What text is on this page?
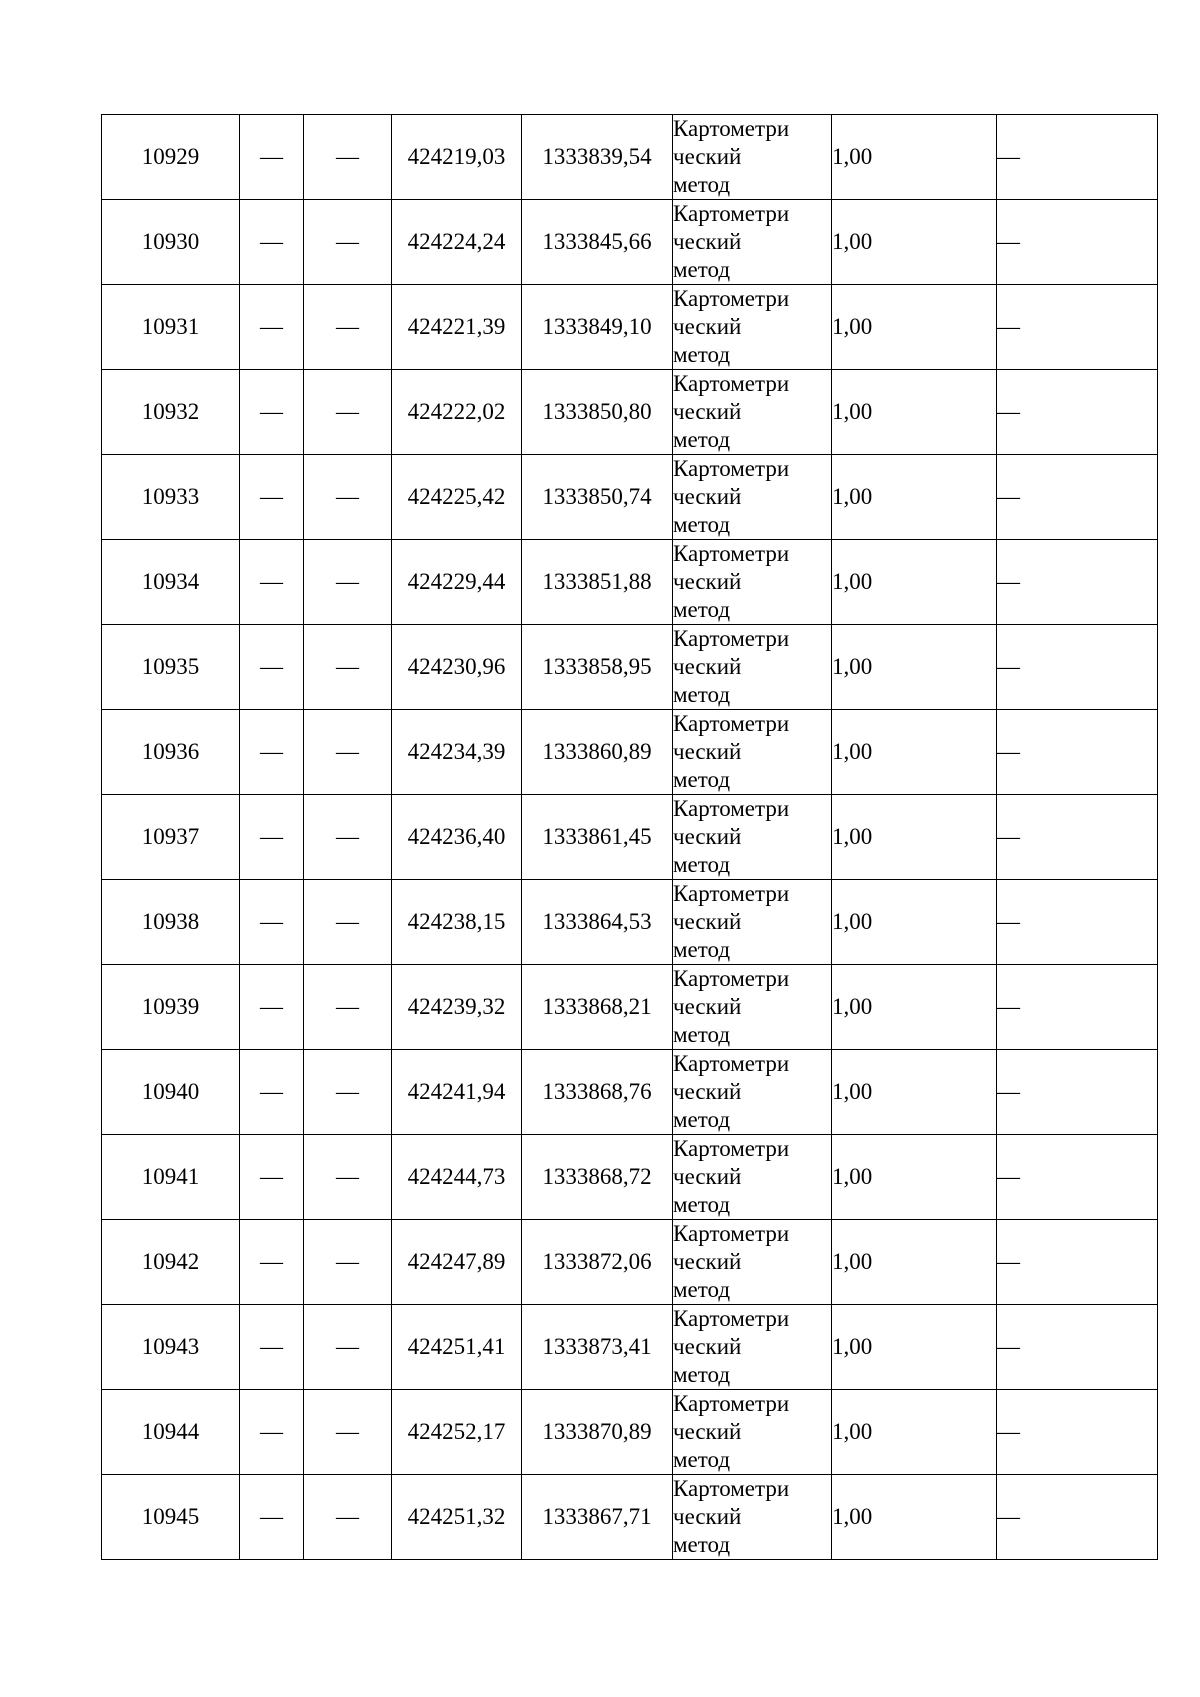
10929	—	—	424219,03	1333839,54	Картометри
ческий
метод	1,00	—
10930	—	—	424224,24	1333845,66	Картометри
ческий
метод	1,00	—
10931	—	—	424221,39	1333849,10	Картометри
ческий
метод	1,00	—
10932	—	—	424222,02	1333850,80	Картометри
ческий
метод	1,00	—
10933	—	—	424225,42	1333850,74	Картометри
ческий
метод	1,00	—
10934	—	—	424229,44	1333851,88	Картометри
ческий
метод	1,00	—
10935	—	—	424230,96	1333858,95	Картометри
ческий
метод	1,00	—
10936	—	—	424234,39	1333860,89	Картометри
ческий
метод	1,00	—
10937	—	—	424236,40	1333861,45	Картометри
ческий
метод	1,00	—
10938	—	—	424238,15	1333864,53	Картометри
ческий
метод	1,00	—
10939	—	—	424239,32	1333868,21	Картометри
ческий
метод	1,00	—
10940	—	—	424241,94	1333868,76	Картометри
ческий
метод	1,00	—
10941	—	—	424244,73	1333868,72	Картометри
ческий
метод	1,00	—
10942	—	—	424247,89	1333872,06	Картометри
ческий
метод	1,00	—
10943	—	—	424251,41	1333873,41	Картометри
ческий
метод	1,00	—
10944	—	—	424252,17	1333870,89	Картометри
ческий
метод	1,00	—
10945	—	—	424251,32	1333867,71	Картометри
ческий
метод	1,00	—
